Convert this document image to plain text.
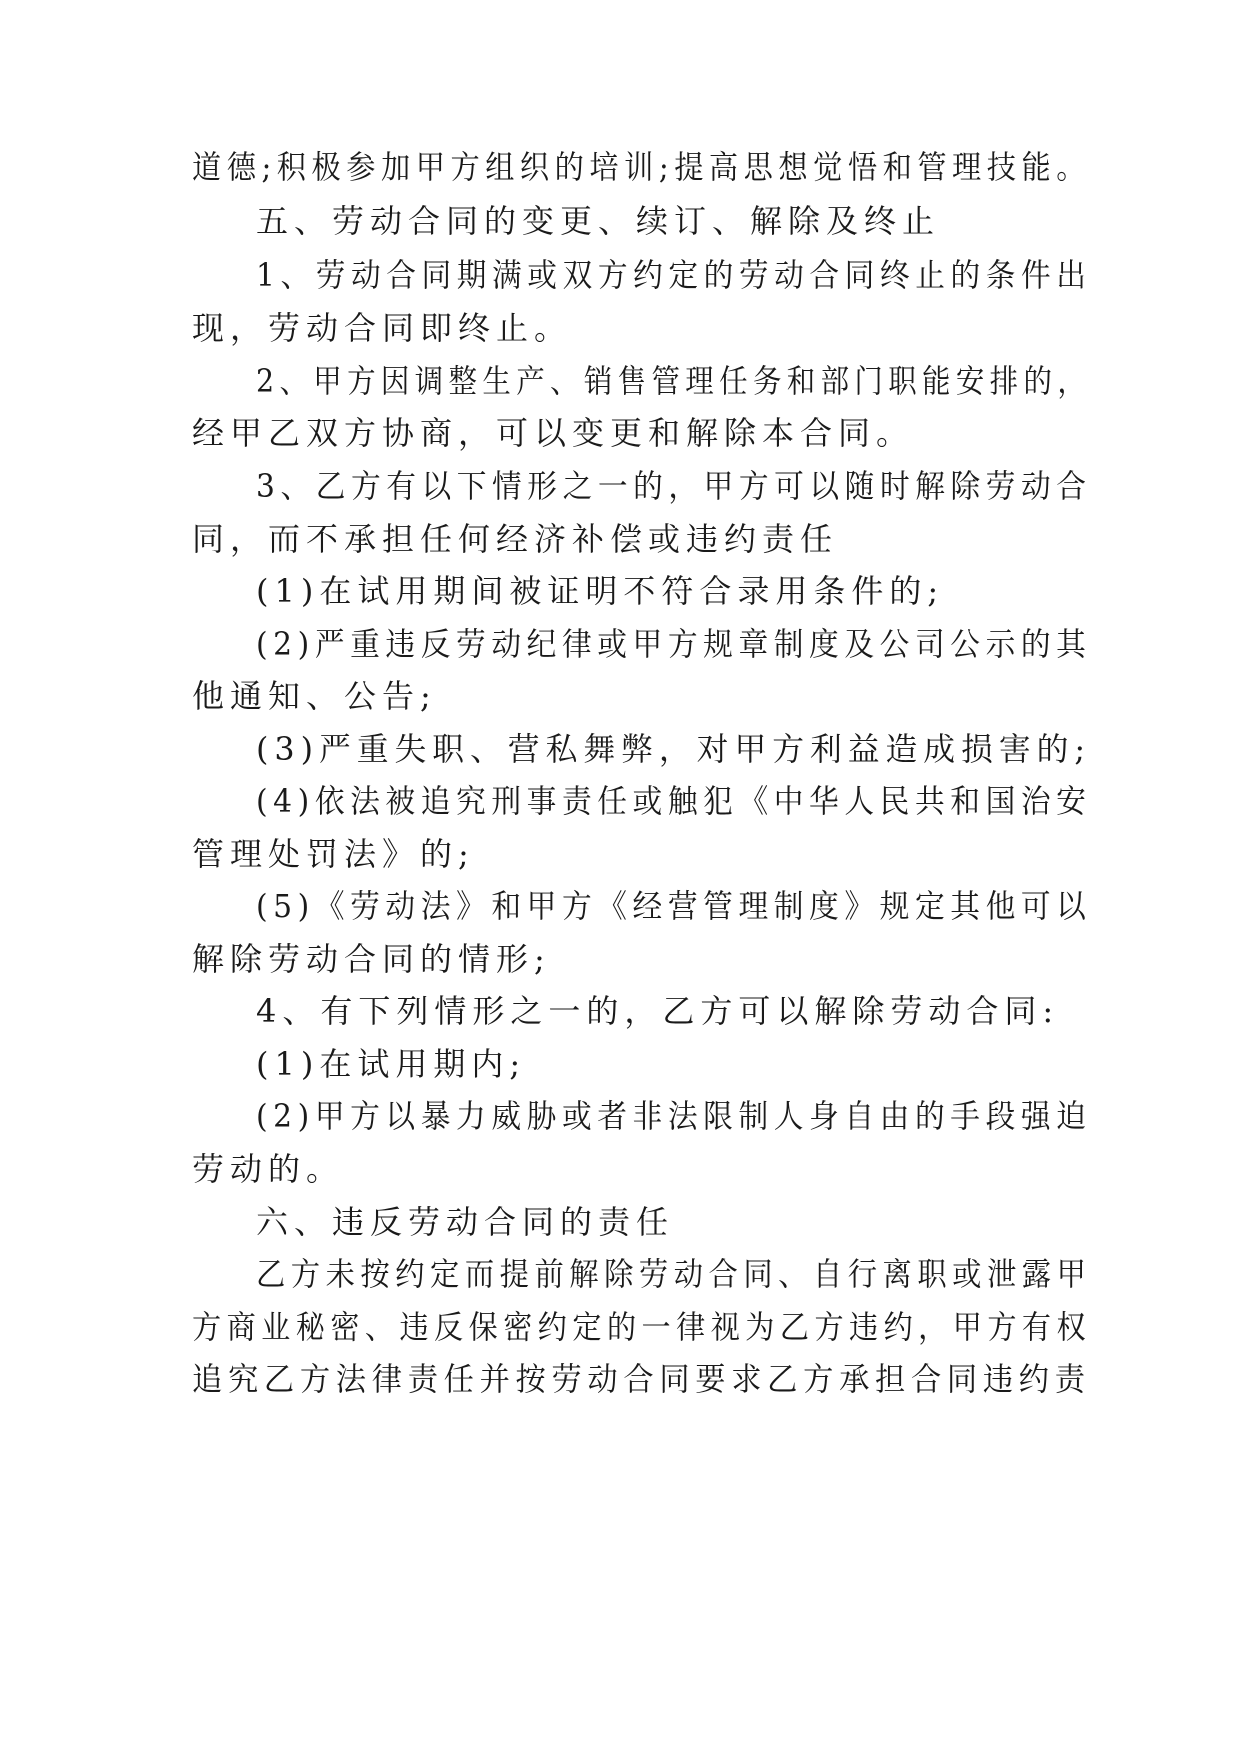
道德;积极参加甲方组织的培训;提高思想觉悟和管理技能。
五、劳动合同的变更、续订、解除及终止
1、劳动合同期满或双方约定的劳动合同终止的条件出
现，劳动合同即终止。
2、甲方因调整生产、销售管理任务和部门职能安排的，
经甲乙双方协商，可以变更和解除本合同。
3、乙方有以下情形之一的，甲方可以随时解除劳动合
同，而不承担任何经济补偿或违约责任
(1)在试用期间被证明不符合录用条件的;
(2)严重违反劳动纪律或甲方规章制度及公司公示的其
他通知、公告;
(3)严重失职、营私舞弊，对甲方利益造成损害的;
(4)依法被追究刑事责任或触犯《中华人民共和国治安
管理处罚法》的;
(5)《劳动法》和甲方《经营管理制度》规定其他可以
解除劳动合同的情形;
4、有下列情形之一的，乙方可以解除劳动合同:
(1)在试用期内;
(2)甲方以暴力威胁或者非法限制人身自由的手段强迫
劳动的。
六、违反劳动合同的责任
乙方未按约定而提前解除劳动合同、自行离职或泄露甲
方商业秘密、违反保密约定的一律视为乙方违约，甲方有权
追究乙方法律责任并按劳动合同要求乙方承担合同违约责
